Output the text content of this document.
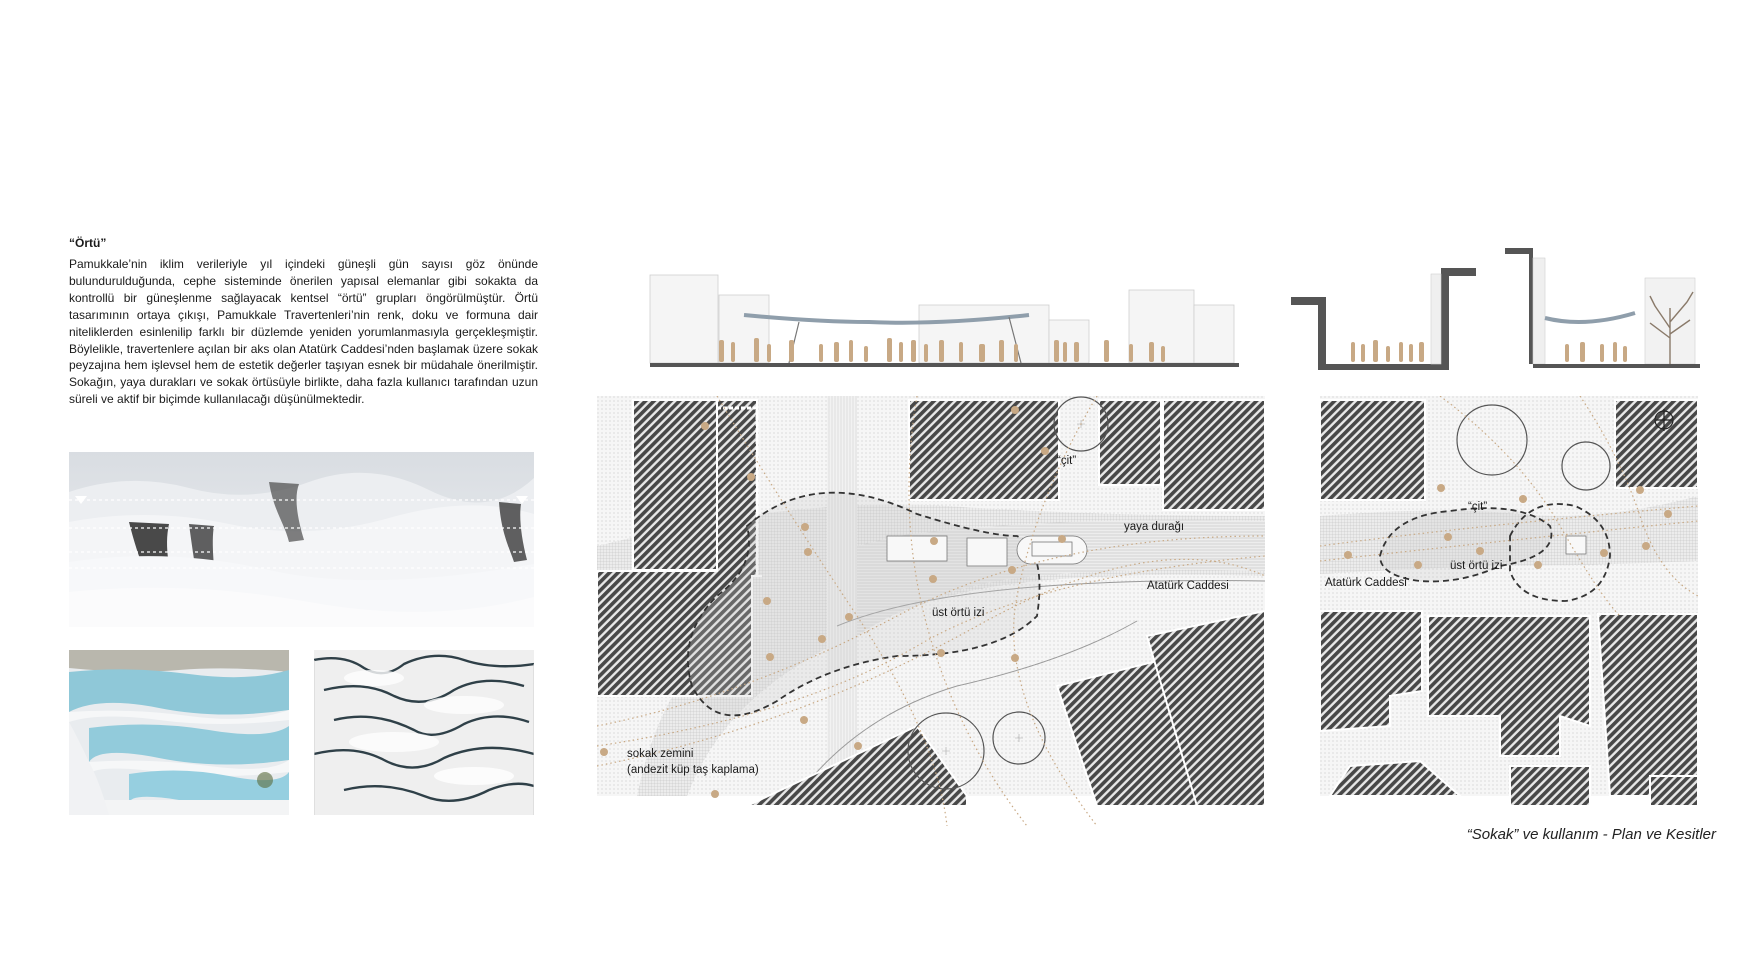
“Örtü”
Pamukkale’nin iklim verileriyle yıl içindeki güneşli gün sayısı göz önünde bulundurulduğunda, cephe sisteminde önerilen yapısal elemanlar gibi sokakta da kontrollü bir güneşlenme sağlayacak kentsel “örtü” grupları öngörülmüştür. Örtü tasarımının ortaya çıkışı, Pamukkale Travertenleri’nin renk, doku ve formuna dair niteliklerden esinlenilip farklı bir düzlemde yeniden yorumlanmasıyla gerçekleşmiştir. Böylelikle, travertenlere açılan bir aks olan Atatürk Caddesi’nden başlamak üzere sokak peyzajına hem işlevsel hem de estetik değerler taşıyan esnek bir müdahale önerilmiştir. Sokağın, yaya durakları ve sokak örtüsüyle birlikte, daha fazla kullanıcı tarafından uzun süreli ve aktif bir biçimde kullanılacağı düşünülmektedir.
“çit”
yaya durağı
Atatürk Caddesi
üst örtü izi
sokak zemini
(andezit küp taş kaplama)
“çit”
Atatürk Caddesi
üst örtü izi
“Sokak” ve kullanım - Plan ve Kesitler
